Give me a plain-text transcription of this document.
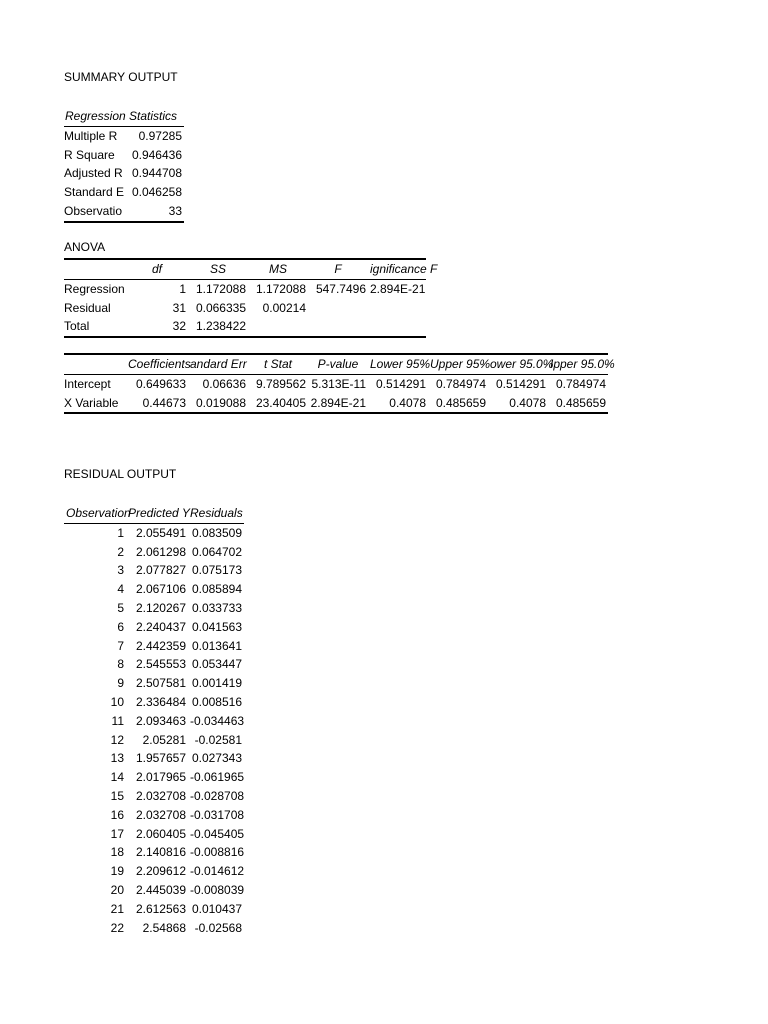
SUMMARY OUTPUT
Regression Statistics	
Multiple R	0.97285
R Square	0.946436
Adjusted R	0.944708
Standard E	0.046258
Observatio	33
ANOVA
	df	SS	MS	F	ignificance F
Regression	1	1.172088	1.172088	547.7496	2.894E-21
Residual	31	0.066335	0.00214		
Total	32	1.238422			
	Coefficients	andard Err	t Stat	P-value	Lower 95%	Upper 95%	ower 95.0%	Ipper 95.0%
Intercept	0.649633	0.06636	9.789562	5.313E-11	0.514291	0.784974	0.514291	0.784974
X Variable	0.44673	0.019088	23.40405	2.894E-21	0.4078	0.485659	0.4078	0.485659
RESIDUAL OUTPUT
Observation	Predicted Y	Residuals
1	2.055491	0.083509
2	2.061298	0.064702
3	2.077827	0.075173
4	2.067106	0.085894
5	2.120267	0.033733
6	2.240437	0.041563
7	2.442359	0.013641
8	2.545553	0.053447
9	2.507581	0.001419
10	2.336484	0.008516
11	2.093463	-0.034463
12	2.05281	-0.02581
13	1.957657	0.027343
14	2.017965	-0.061965
15	2.032708	-0.028708
16	2.032708	-0.031708
17	2.060405	-0.045405
18	2.140816	-0.008816
19	2.209612	-0.014612
20	2.445039	-0.008039
21	2.612563	0.010437
22	2.54868	-0.02568
